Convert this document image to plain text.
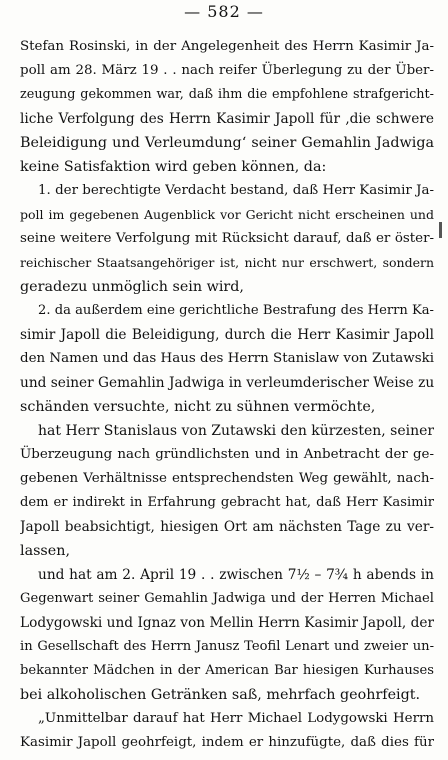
— 582 —
Stefan Rosinski, in der Angelegenheit des Herrn Kasimir Ja-
poll am 28. März 19 . . nach reifer Überlegung zu der Über-
zeugung gekommen war, daß ihm die empfohlene strafgericht-
liche Verfolgung des Herrn Kasimir Japoll für ‚die schwere
Beleidigung und Verleumdung‘ seiner Gemahlin Jadwiga
keine Satisfaktion wird geben können, da:
1. der berechtigte Verdacht bestand, daß Herr Kasimir Ja-
poll im gegebenen Augenblick vor Gericht nicht erscheinen und
seine weitere Verfolgung mit Rücksicht darauf, daß er öster-
reichischer Staatsangehöriger ist, nicht nur erschwert, sondern
geradezu unmöglich sein wird,
2. da außerdem eine gerichtliche Bestrafung des Herrn Ka-
simir Japoll die Beleidigung, durch die Herr Kasimir Japoll
den Namen und das Haus des Herrn Stanislaw von Zutawski
und seiner Gemahlin Jadwiga in verleumderischer Weise zu
schänden versuchte, nicht zu sühnen vermöchte,
hat Herr Stanislaus von Zutawski den kürzesten, seiner
Überzeugung nach gründlichsten und in Anbetracht der ge-
gebenen Verhältnisse entsprechendsten Weg gewählt, nach-
dem er indirekt in Erfahrung gebracht hat, daß Herr Kasimir
Japoll beabsichtigt, hiesigen Ort am nächsten Tage zu ver-
lassen,
und hat am 2. April 19 . . zwischen 7½ – 7¾ h abends in
Gegenwart seiner Gemahlin Jadwiga und der Herren Michael
Lodygowski und Ignaz von Mellin Herrn Kasimir Japoll, der
in Gesellschaft des Herrn Janusz Teofil Lenart und zweier un-
bekannter Mädchen in der American Bar hiesigen Kurhauses
bei alkoholischen Getränken saß, mehrfach geohrfeigt.
„Unmittelbar darauf hat Herr Michael Lodygowski Herrn
Kasimir Japoll geohrfeigt, indem er hinzufügte, daß dies für
